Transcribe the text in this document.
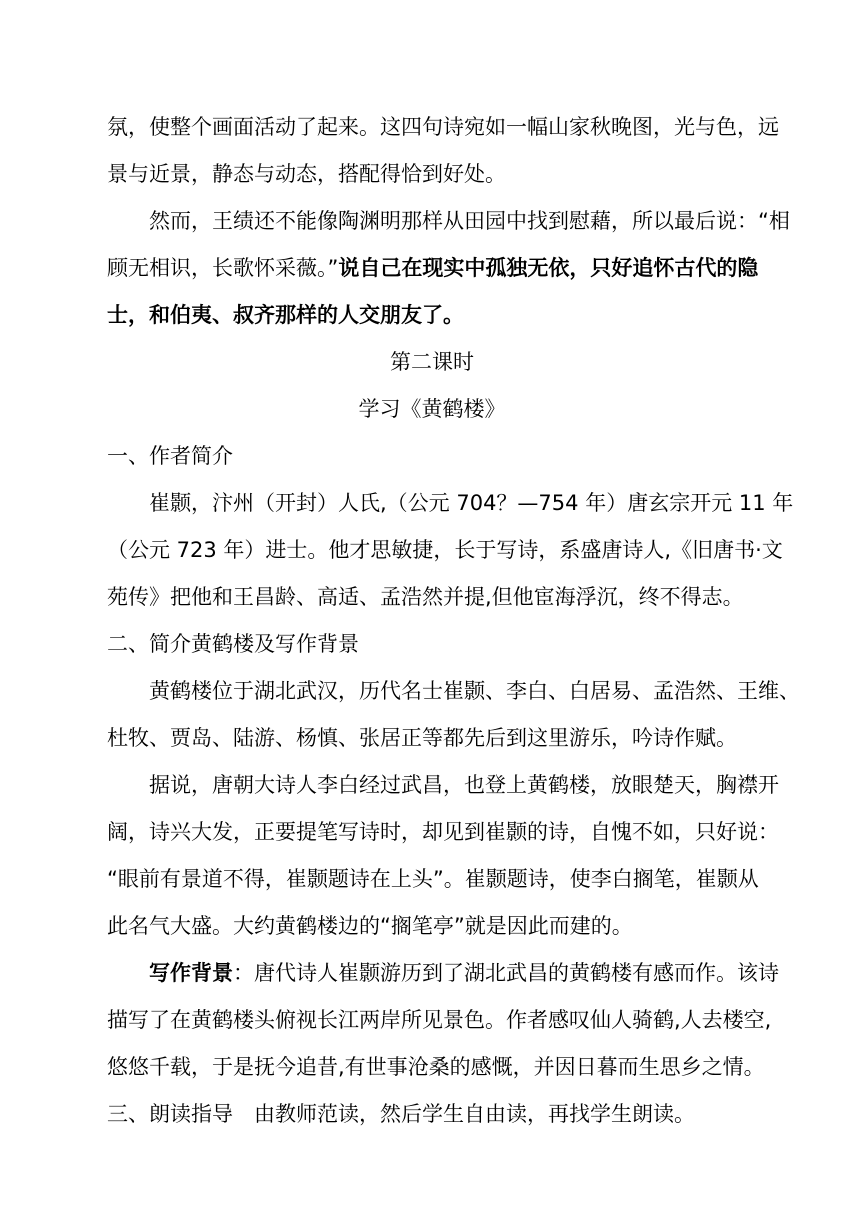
氛，使整个画面活动了起来。这四句诗宛如一幅山家秋晚图，光与色，远
景与近景，静态与动态，搭配得恰到好处。
然而，王绩还不能像陶渊明那样从田园中找到慰藉，所以最后说：“相
顾无相识，长歌怀采薇。”说自己在现实中孤独无依，只好追怀古代的隐
士，和伯夷、叔齐那样的人交朋友了。
第二课时
学习《黄鹤楼》
一、作者简介
崔颢，汴州（开封）人氏,（公元 704？—754 年）唐玄宗开元 11 年
（公元 723 年）进士。他才思敏捷，长于写诗，系盛唐诗人,《旧唐书·文
苑传》把他和王昌龄、高适、孟浩然并提,但他宦海浮沉，终不得志。
二、简介黄鹤楼及写作背景
黄鹤楼位于湖北武汉，历代名士崔颢、李白、白居易、孟浩然、王维、
杜牧、贾岛、陆游、杨慎、张居正等都先后到这里游乐，吟诗作赋。
据说，唐朝大诗人李白经过武昌，也登上黄鹤楼，放眼楚天，胸襟开
阔，诗兴大发，正要提笔写诗时，却见到崔颢的诗，自愧不如，只好说：
“眼前有景道不得，崔颢题诗在上头”。崔颢题诗，使李白搁笔，崔颢从
此名气大盛。大约黄鹤楼边的“搁笔亭”就是因此而建的。
写作背景：唐代诗人崔颢游历到了湖北武昌的黄鹤楼有感而作。该诗
描写了在黄鹤楼头俯视长江两岸所见景色。作者感叹仙人骑鹤,人去楼空,
悠悠千载，于是抚今追昔,有世事沧桑的感慨，并因日暮而生思乡之情。
三、朗读指导　由教师范读，然后学生自由读，再找学生朗读。
